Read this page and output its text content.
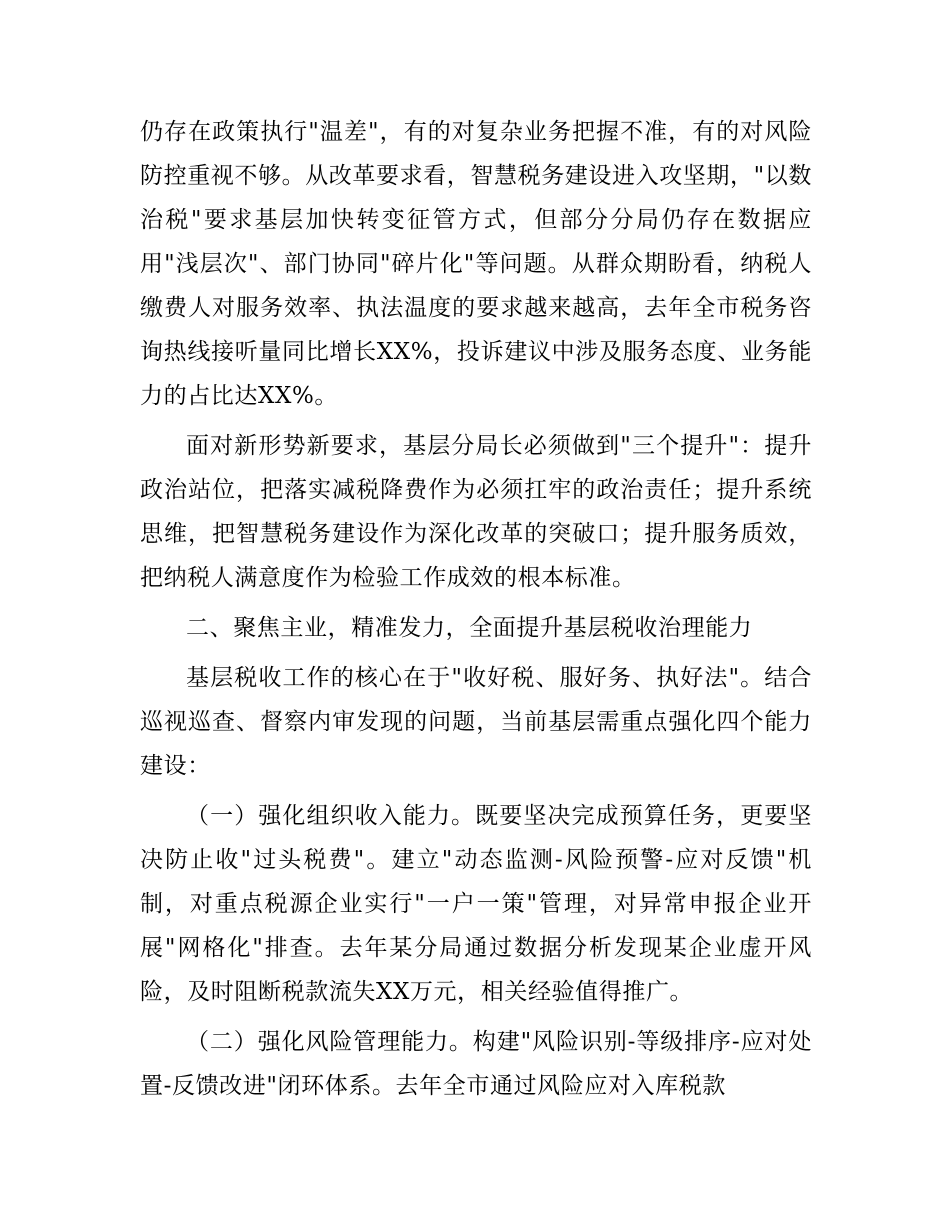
仍存在政策执行"温差"，有的对复杂业务把握不准，有的对风险防控重视不够。从改革要求看，智慧税务建设进入攻坚期，"以数治税"要求基层加快转变征管方式，但部分分局仍存在数据应用"浅层次"、部门协同"碎片化"等问题。从群众期盼看，纳税人缴费人对服务效率、执法温度的要求越来越高，去年全市税务咨询热线接听量同比增长XX%，投诉建议中涉及服务态度、业务能力的占比达XX%。

面对新形势新要求，基层分局长必须做到"三个提升"：提升政治站位，把落实减税降费作为必须扛牢的政治责任；提升系统思维，把智慧税务建设作为深化改革的突破口；提升服务质效，把纳税人满意度作为检验工作成效的根本标准。

二、聚焦主业，精准发力，全面提升基层税收治理能力

基层税收工作的核心在于"收好税、服好务、执好法"。结合巡视巡查、督察内审发现的问题，当前基层需重点强化四个能力建设：

（一）强化组织收入能力。既要坚决完成预算任务，更要坚决防止收"过头税费"。建立"动态监测-风险预警-应对反馈"机制，对重点税源企业实行"一户一策"管理，对异常申报企业开展"网格化"排查。去年某分局通过数据分析发现某企业虚开风险，及时阻断税款流失XX万元，相关经验值得推广。

（二）强化风险管理能力。构建"风险识别-等级排序-应对处置-反馈改进"闭环体系。去年全市通过风险应对入库税款
